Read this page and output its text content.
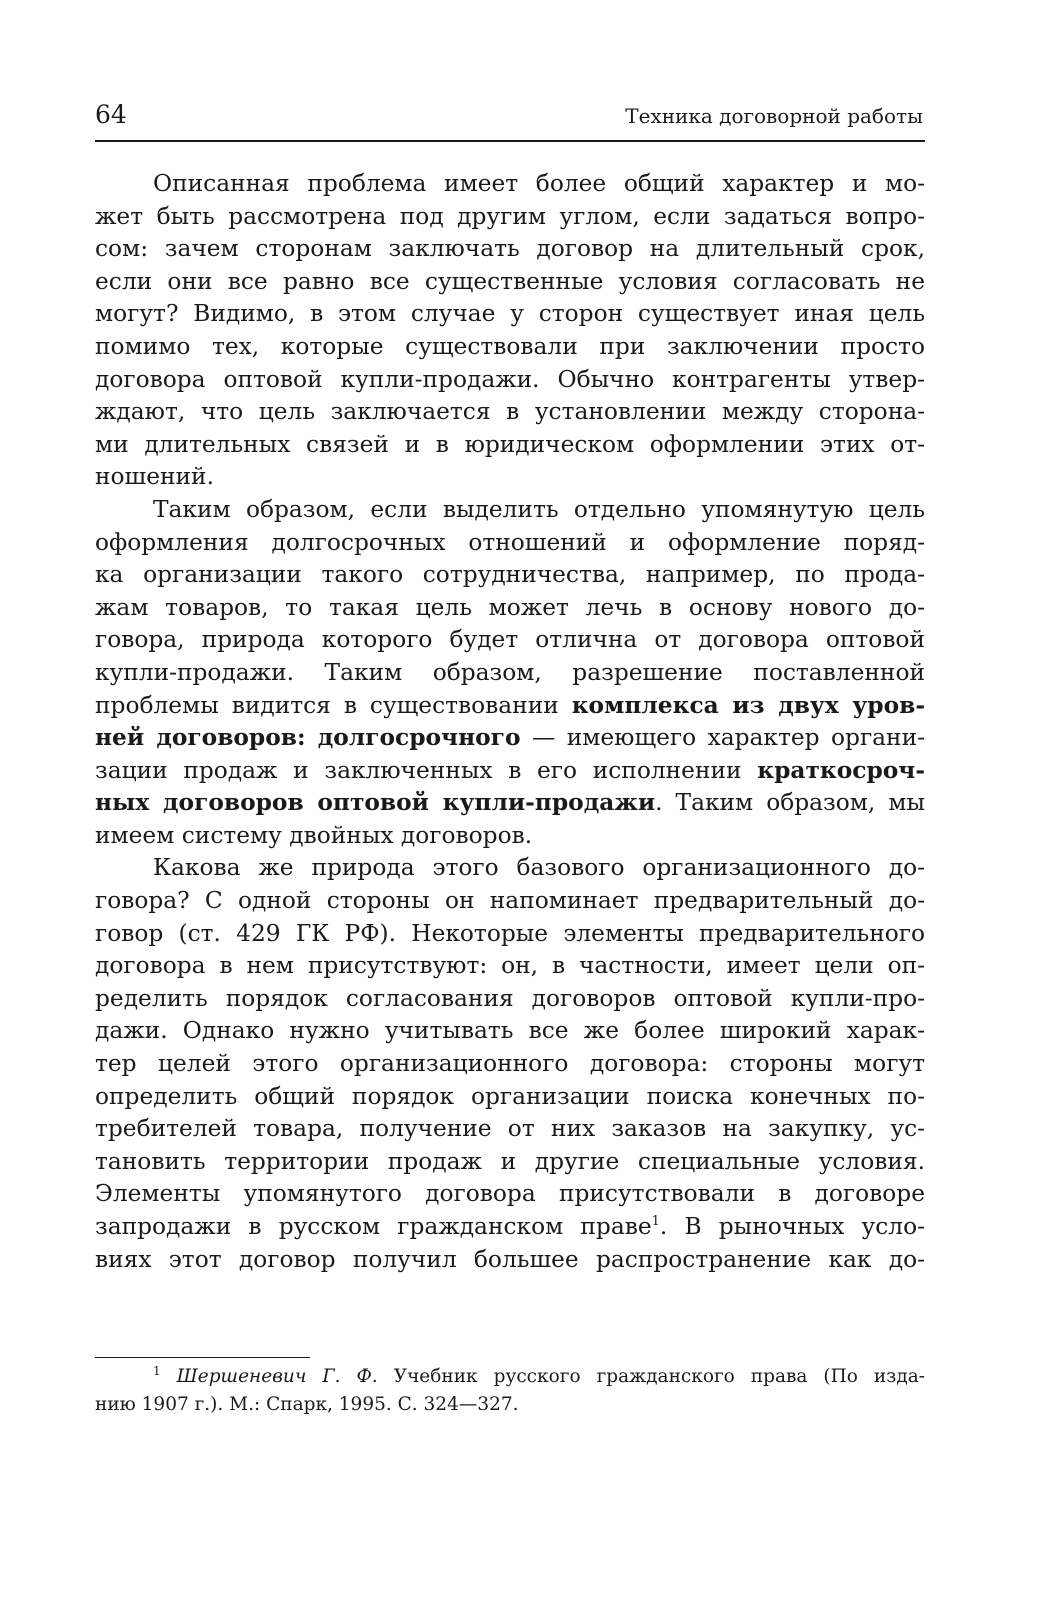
64	Техника договорной работы
Описанная проблема имеет более общий характер и мо-
жет быть рассмотрена под другим углом, если задаться вопро-
сом: зачем сторонам заключать договор на длительный срок,
если они все равно все существенные условия согласовать не
могут? Видимо, в этом случае у сторон существует иная цель
помимо тех, которые существовали при заключении просто
договора оптовой купли-продажи. Обычно контрагенты утвер-
ждают, что цель заключается в установлении между сторона-
ми длительных связей и в юридическом оформлении этих от-
ношений.
Таким образом, если выделить отдельно упомянутую цель
оформления долгосрочных отношений и оформление поряд-
ка организации такого сотрудничества, например, по прода-
жам товаров, то такая цель может лечь в основу нового до-
говора, природа которого будет отлична от договора оптовой
купли-продажи. Таким образом, разрешение поставленной
проблемы видится в существовании комплекса из двух уров-
ней договоров: долгосрочного — имеющего характер органи-
зации продаж и заключенных в его исполнении краткосроч-
ных договоров оптовой купли-продажи. Таким образом, мы
имеем систему двойных договоров.
Какова же природа этого базового организационного до-
говора? С одной стороны он напоминает предварительный до-
говор (ст. 429 ГК РФ). Некоторые элементы предварительного
договора в нем присутствуют: он, в частности, имеет цели оп-
ределить порядок согласования договоров оптовой купли-про-
дажи. Однако нужно учитывать все же более широкий харак-
тер целей этого организационного договора: стороны могут
определить общий порядок организации поиска конечных по-
требителей товара, получение от них заказов на закупку, ус-
тановить территории продаж и другие специальные условия.
Элементы упомянутого договора присутствовали в договоре
запродажи в русском гражданском праве$^1$. В рыночных усло-
виях этот договор получил большее распространение как до-
$^1$ Шершеневич Г. Ф. Учебник русского гражданского права (По изда-
нию 1907 г.). М.: Спарк, 1995. С. 324—327.
